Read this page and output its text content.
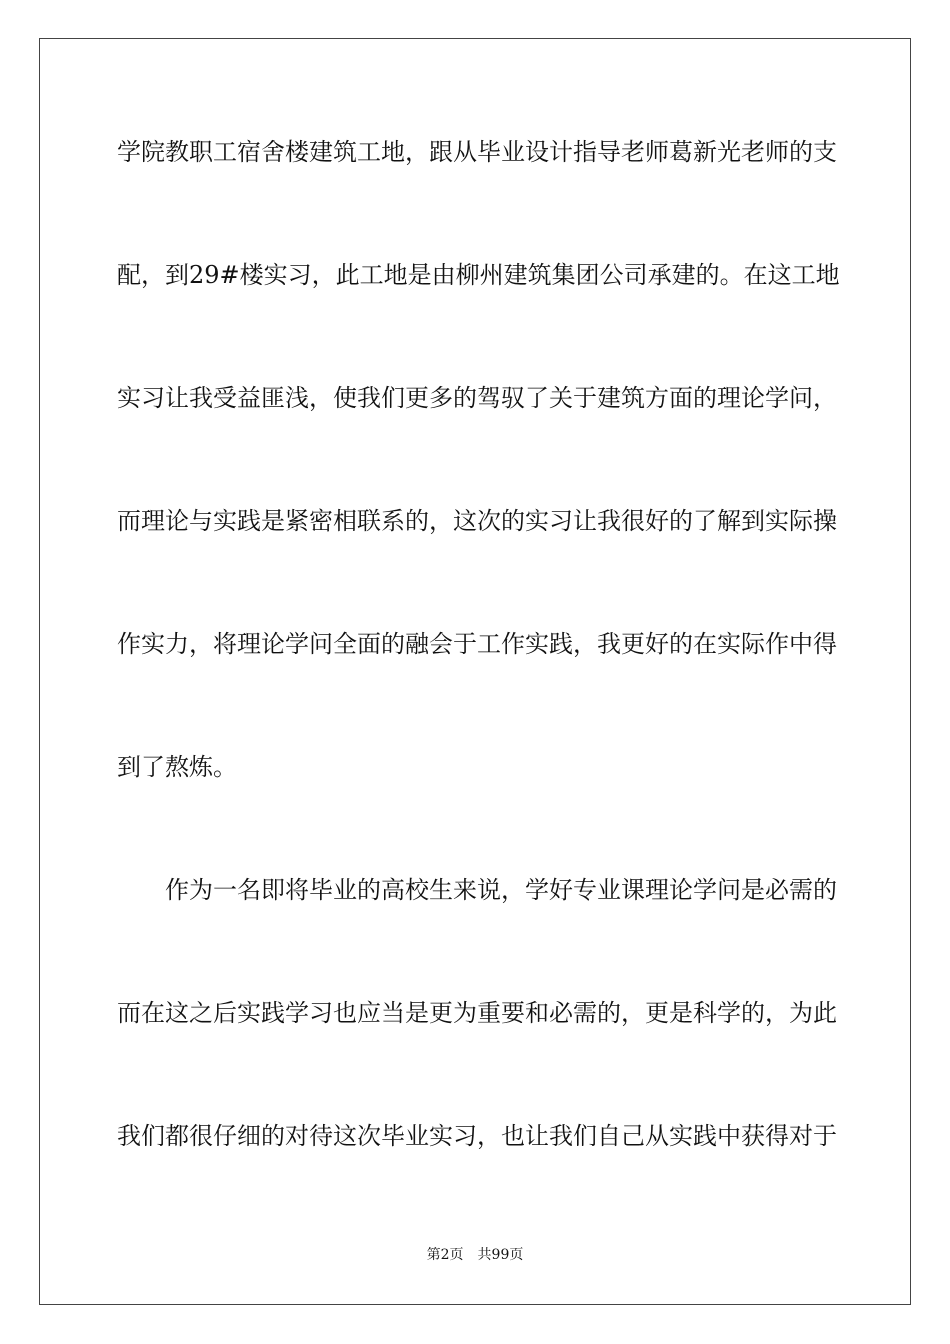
学院教职工宿舍楼建筑工地，跟从毕业设计指导老师葛新光老师的支
配，到29#楼实习，此工地是由柳州建筑集团公司承建的。在这工地
实习让我受益匪浅，使我们更多的驾驭了关于建筑方面的理论学问，
而理论与实践是紧密相联系的，这次的实习让我很好的了解到实际操
作实力，将理论学问全面的融会于工作实践，我更好的在实际作中得
到了熬炼。
　　作为一名即将毕业的高校生来说，学好专业课理论学问是必需的
而在这之后实践学习也应当是更为重要和必需的，更是科学的，为此
我们都很仔细的对待这次毕业实习，也让我们自己从实践中获得对于
第2页 共99页
